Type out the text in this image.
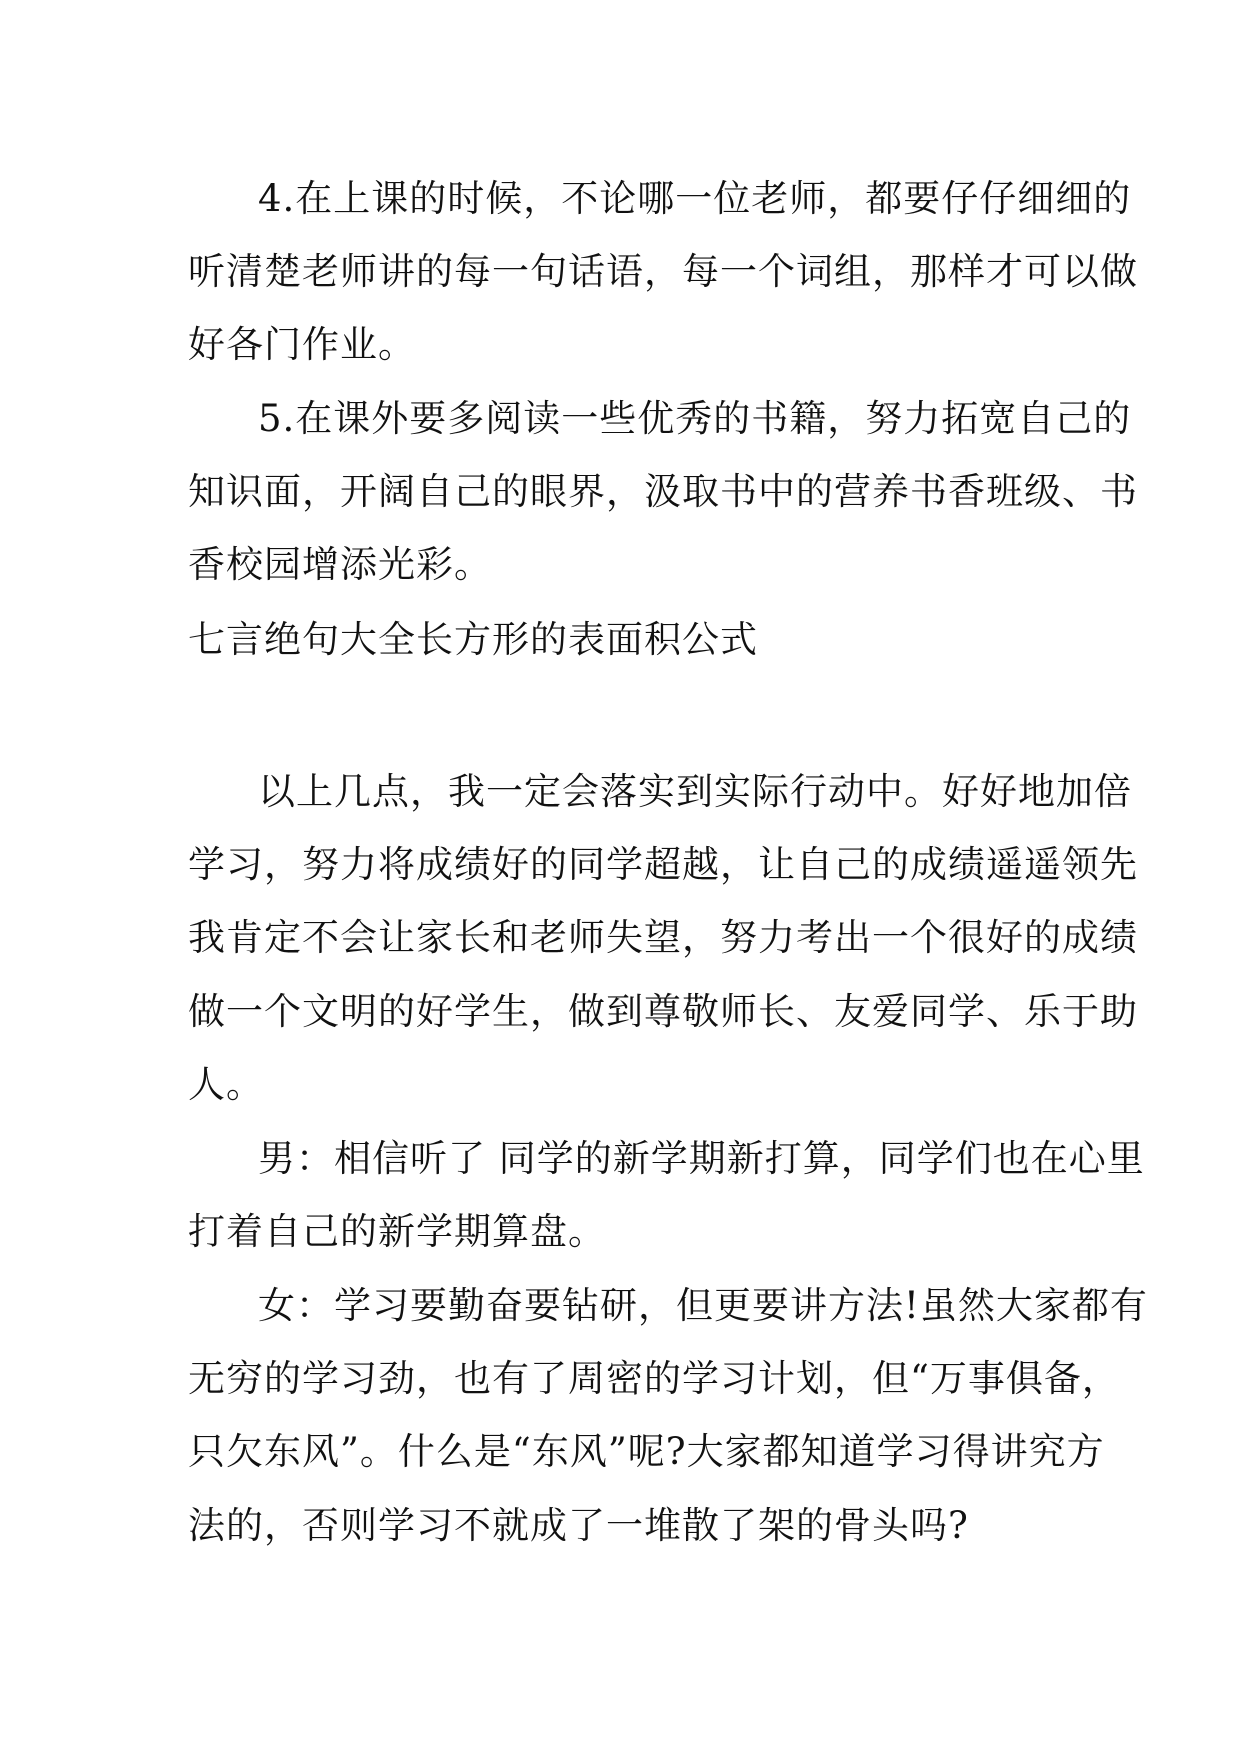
4.在上课的时候，不论哪一位老师，都要仔仔细细的

听清楚老师讲的每一句话语，每一个词组，那样才可以做

好各门作业。

5.在课外要多阅读一些优秀的书籍，努力拓宽自己的

知识面，开阔自己的眼界，汲取书中的营养书香班级、书

香校园增添光彩。

七言绝句大全长方形的表面积公式

以上几点，我一定会落实到实际行动中。好好地加倍

学习，努力将成绩好的同学超越，让自己的成绩遥遥领先

我肯定不会让家长和老师失望，努力考出一个很好的成绩

做一个文明的好学生，做到尊敬师长、友爱同学、乐于助

人。

男：相信听了 同学的新学期新打算，同学们也在心里

打着自己的新学期算盘。

女：学习要勤奋要钻研，但更要讲方法!虽然大家都有

无穷的学习劲，也有了周密的学习计划，但“万事俱备，

只欠东风”。什么是“东风”呢?大家都知道学习得讲究方

法的，否则学习不就成了一堆散了架的骨头吗?
